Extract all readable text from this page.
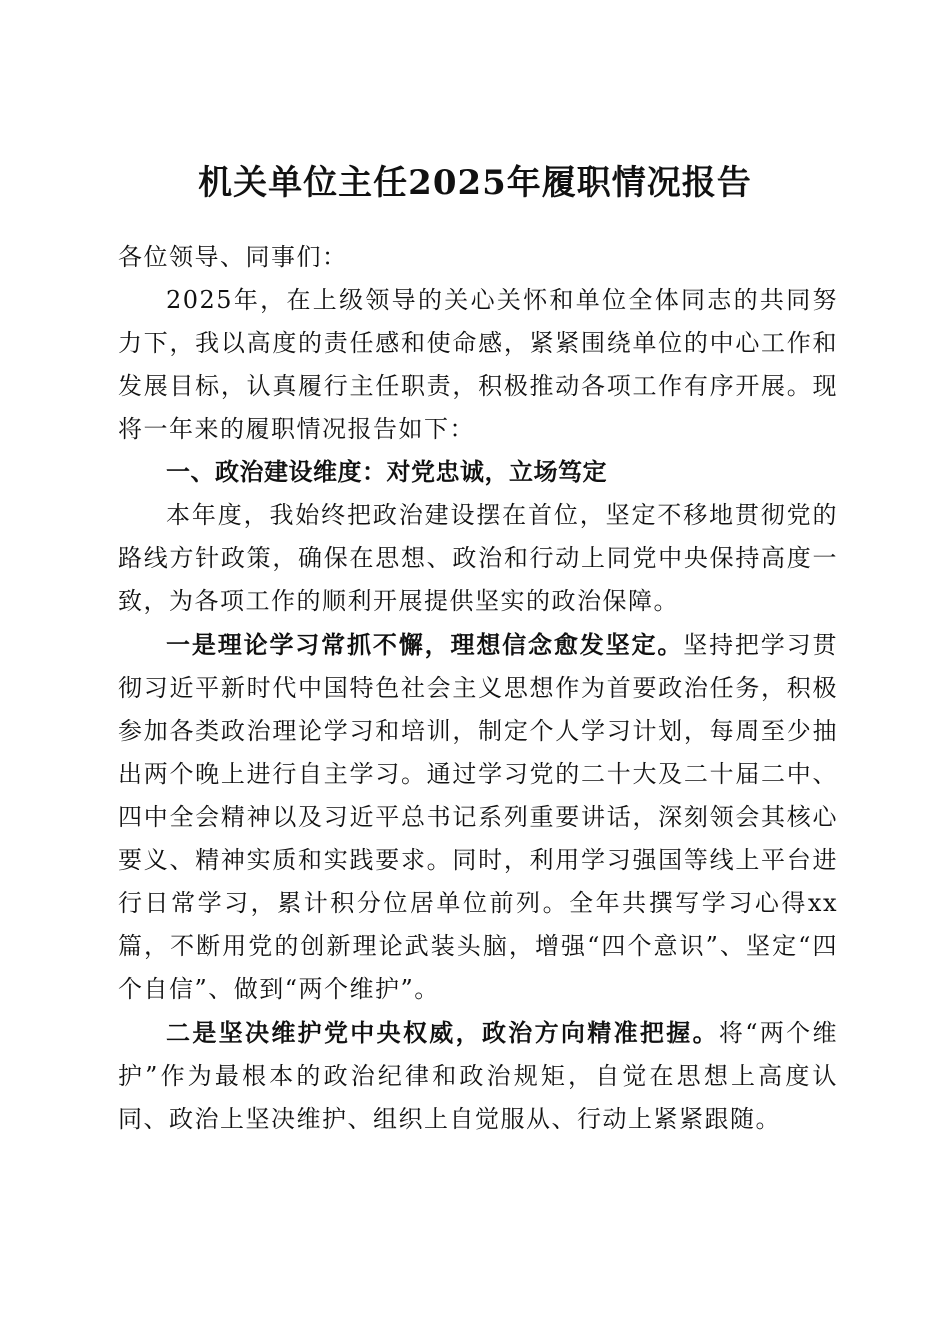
机关单位主任2025年履职情况报告

各位领导、同事们：

2025年，在上级领导的关心关怀和单位全体同志的共同努力下，我以高度的责任感和使命感，紧紧围绕单位的中心工作和发展目标，认真履行主任职责，积极推动各项工作有序开展。现将一年来的履职情况报告如下：

一、政治建设维度：对党忠诚，立场笃定

本年度，我始终把政治建设摆在首位，坚定不移地贯彻党的路线方针政策，确保在思想、政治和行动上同党中央保持高度一致，为各项工作的顺利开展提供坚实的政治保障。

一是理论学习常抓不懈，理想信念愈发坚定。坚持把学习贯彻习近平新时代中国特色社会主义思想作为首要政治任务，积极参加各类政治理论学习和培训，制定个人学习计划，每周至少抽出两个晚上进行自主学习。通过学习党的二十大及二十届二中、四中全会精神以及习近平总书记系列重要讲话，深刻领会其核心要义、精神实质和实践要求。同时，利用学习强国等线上平台进行日常学习，累计积分位居单位前列。全年共撰写学习心得xx篇，不断用党的创新理论武装头脑，增强“四个意识”、坚定“四个自信”、做到“两个维护”。

二是坚决维护党中央权威，政治方向精准把握。将“两个维护”作为最根本的政治纪律和政治规矩，自觉在思想上高度认同、政治上坚决维护、组织上自觉服从、行动上紧紧跟随。
